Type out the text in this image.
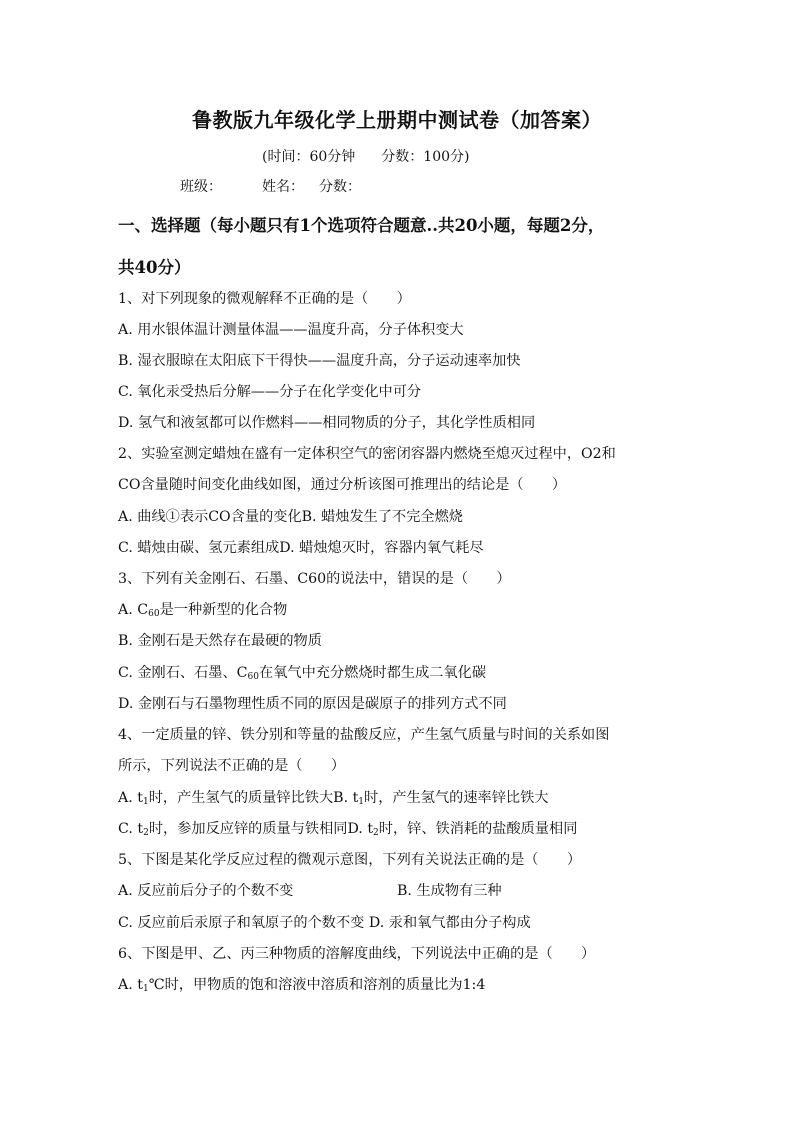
鲁教版九年级化学上册期中测试卷（加答案）
(时间：60分钟 分数：100分)
班级：	姓名： 分数：
一、选择题（每小题只有1个选项符合题意..共20小题，每题2分，
共40分）
1、对下列现象的微观解释不正确的是（　　）
A. 用水银体温计测量体温——温度升高，分子体积变大
B. 湿衣服晾在太阳底下干得快——温度升高，分子运动速率加快
C. 氧化汞受热后分解——分子在化学变化中可分
D. 氢气和液氢都可以作燃料——相同物质的分子，其化学性质相同
2、实验室测定蜡烛在盛有一定体积空气的密闭容器内燃烧至熄灭过程中，O2和
CO含量随时间变化曲线如图，通过分析该图可推理出的结论是（　　）
A. 曲线①表示CO含量的变化B. 蜡烛发生了不完全燃烧
C. 蜡烛由碳、氢元素组成D. 蜡烛熄灭时，容器内氧气耗尽
3、下列有关金刚石、石墨、C60的说法中，错误的是（　　）
A. $C_{60}$是一种新型的化合物
B. 金刚石是天然存在最硬的物质
C. 金刚石、石墨、$C_{60}$在氧气中充分燃烧时都生成二氧化碳
D. 金刚石与石墨物理性质不同的原因是碳原子的排列方式不同
4、一定质量的锌、铁分别和等量的盐酸反应，产生氢气质量与时间的关系如图
所示，下列说法不正确的是（　　）
A. $t_1$时，产生氢气的质量锌比铁大B. $t_1$时，产生氢气的速率锌比铁大
C. $t_2$时，参加反应锌的质量与铁相同D. $t_2$时，锌、铁消耗的盐酸质量相同
5、下图是某化学反应过程的微观示意图，下列有关说法正确的是（　　）
A. 反应前后分子的个数不变	B. 生成物有三种
C. 反应前后汞原子和氧原子的个数不变 D. 汞和氧气都由分子构成
6、下图是甲、乙、丙三种物质的溶解度曲线，下列说法中正确的是（　　）
A. $t_1℃$时，甲物质的饱和溶液中溶质和溶剂的质量比为1:4
